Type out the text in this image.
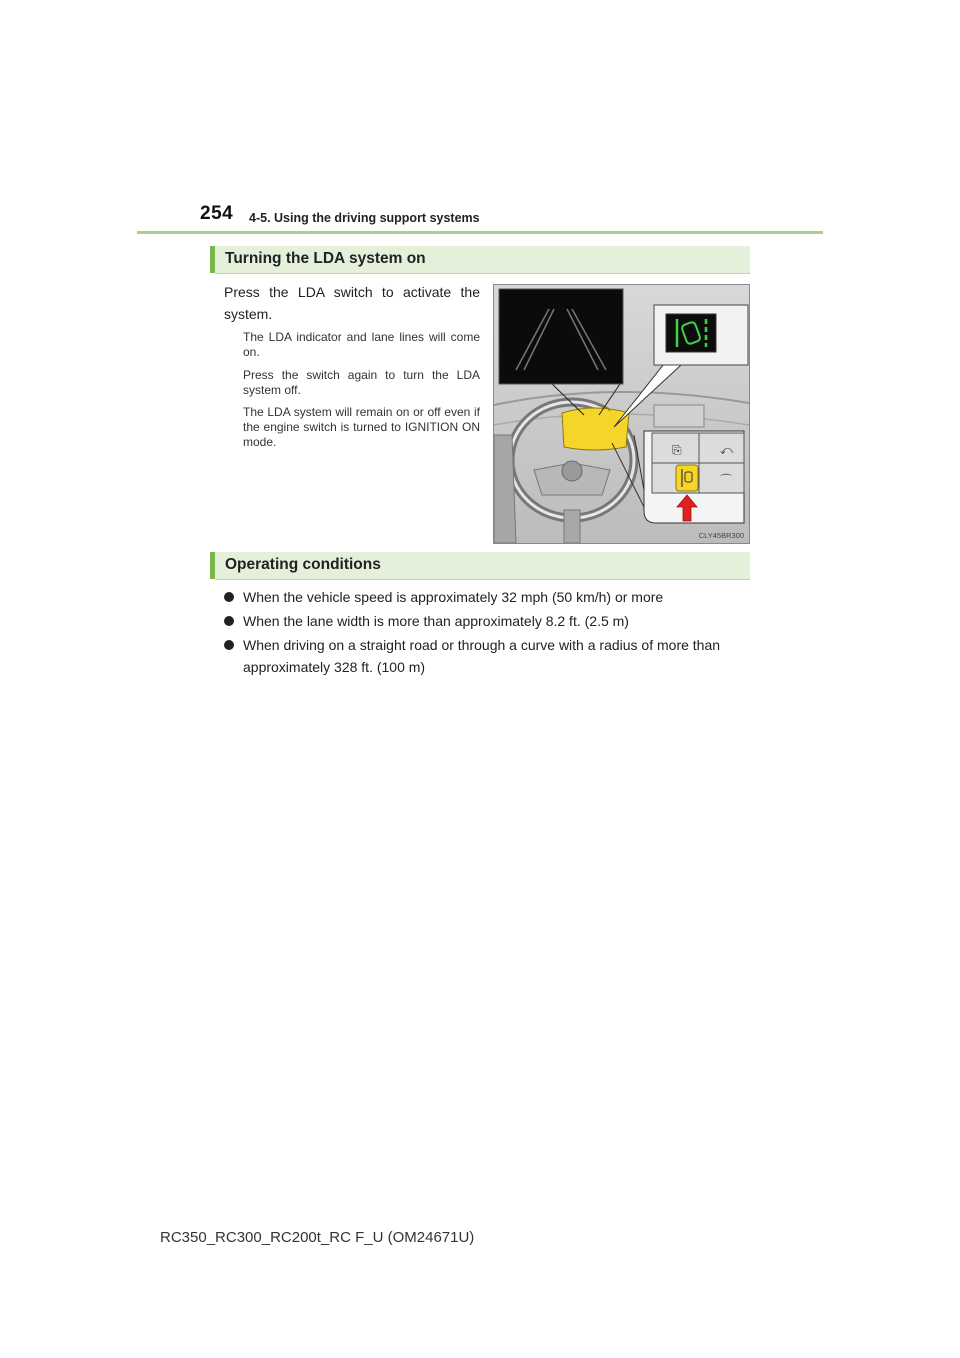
254 4-5. Using the driving support systems
Turning the LDA system on
Press the LDA switch to activate the system.
The LDA indicator and lane lines will come on.
Press the switch again to turn the LDA system off.
The LDA system will remain on or off even if the engine switch is turned to IGNITION ON mode.
⎘	⤺
⌒
CLY45BR300
Operating conditions
When the vehicle speed is approximately 32 mph (50 km/h) or more
When the lane width is more than approximately 8.2 ft. (2.5 m)
When driving on a straight road or through a curve with a radius of more than approximately 328 ft. (100 m)
RC350_RC300_RC200t_RC F_U (OM24671U)
